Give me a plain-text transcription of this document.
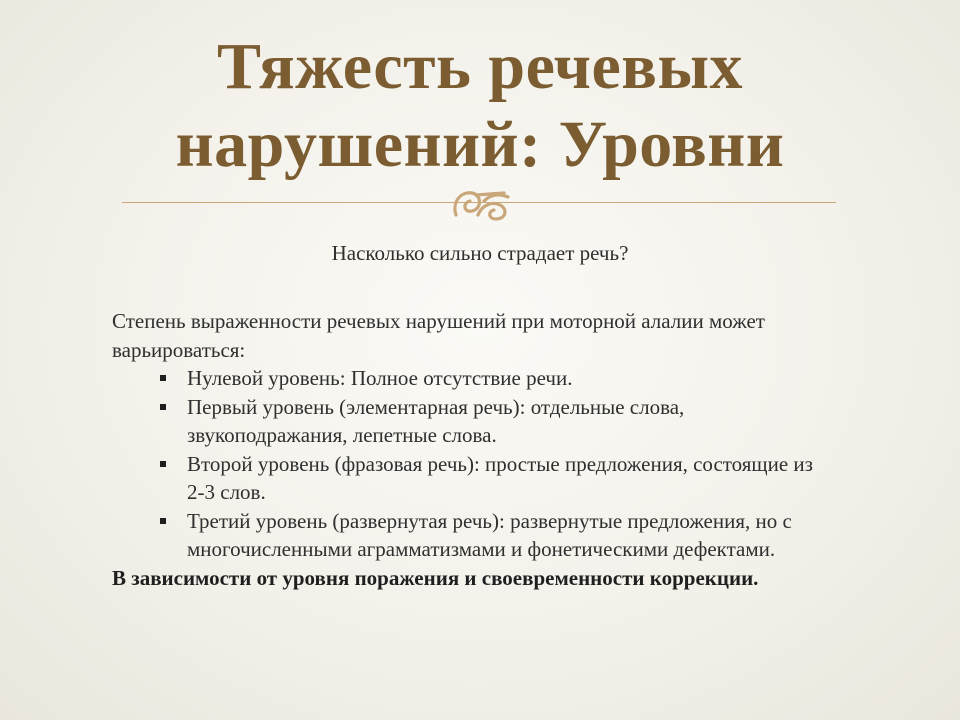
Тяжесть речевых
нарушений: Уровни
Насколько сильно страдает речь?

Степень выраженности речевых нарушений при моторной алалии может варьироваться:

Нулевой уровень: Полное отсутствие речи.
Первый уровень (элементарная речь): отдельные слова, звукоподражания, лепетные слова.
Второй уровень (фразовая речь): простые предложения, состоящие из 2-3 слов.
Третий уровень (развернутая речь): развернутые предложения, но с многочисленными аграмматизмами и фонетическими дефектами.

В зависимости от уровня поражения и своевременности коррекции.
